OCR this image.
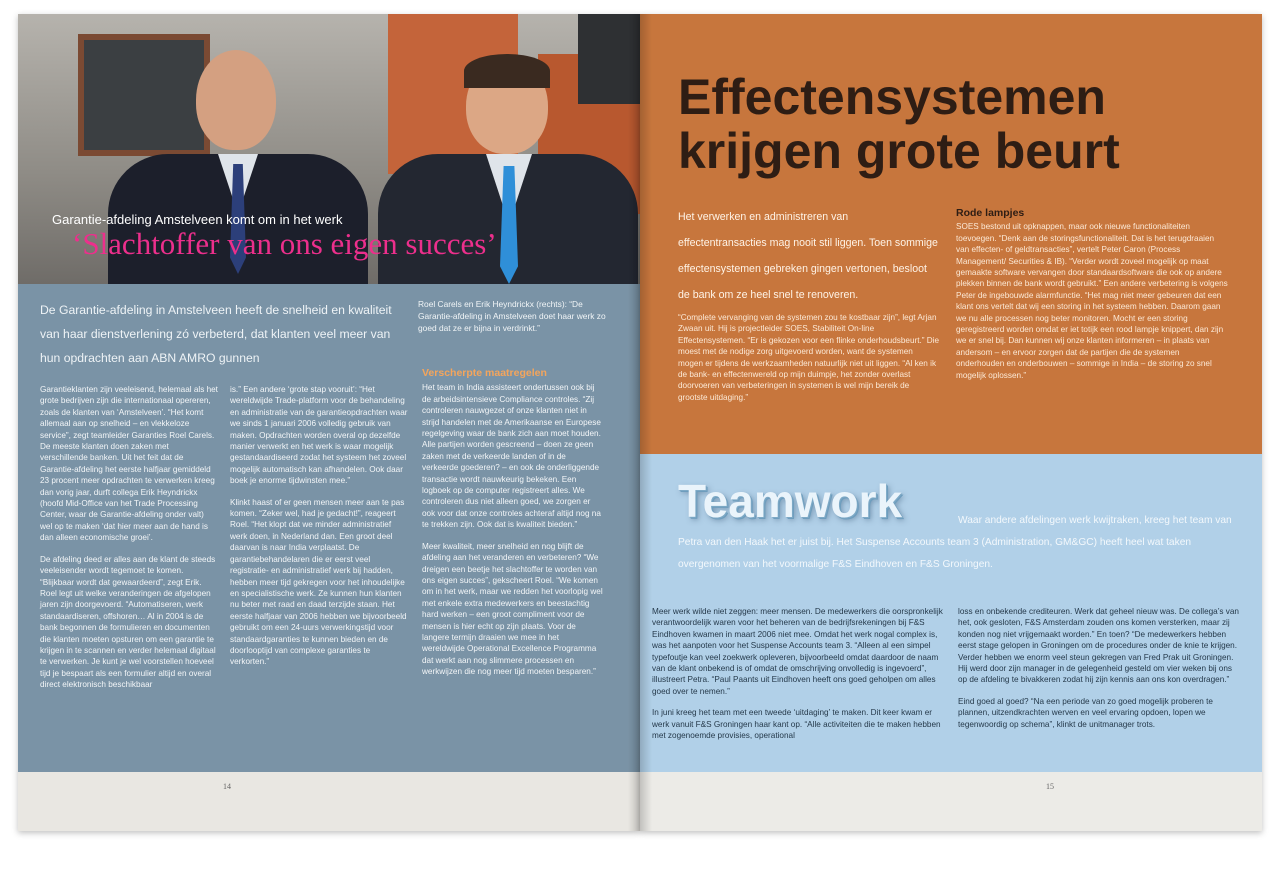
Garantie-afdeling Amstelveen komt om in het werk
‘Slachtoffer van ons eigen succes’
De Garantie-afdeling in Amstelveen heeft de snelheid en kwaliteit van haar dienstverlening zó verbeterd, dat klanten veel meer van hun opdrachten aan ABN AMRO gunnen
Roel Carels en Erik Heyndrickx (rechts): “De Garantie-afdeling in Amstelveen doet haar werk zo goed dat ze er bijna in verdrinkt.”

Garantieklanten zijn veeleisend, helemaal als het grote bedrijven zijn die internationaal opereren, zoals de klanten van ‘Amstelveen’. “Het komt allemaal aan op snelheid – en vlekkeloze service”, zegt teamleider Garanties Roel Carels. De meeste klanten doen zaken met verschillende banken. Uit het feit dat de Garantie-afdeling het eerste halfjaar gemiddeld 23 procent meer opdrachten te verwerken kreeg dan vorig jaar, durft collega Erik Heyndrickx (hoofd Mid-Office van het Trade Processing Center, waar de Garantie-afdeling onder valt) wel op te maken ‘dat hier meer aan de hand is dan alleen economische groei’.

De afdeling deed er alles aan de klant de steeds veeleisender wordt tegemoet te komen. “Blijkbaar wordt dat gewaardeerd”, zegt Erik. Roel legt uit welke veranderingen de afgelopen jaren zijn doorgevoerd. “Automatiseren, werk standaardiseren, offshoren… Al in 2004 is de bank begonnen de formulieren en documenten die klanten moeten opsturen om een garantie te krijgen in te scannen en verder helemaal digitaal te verwerken. Je kunt je wel voorstellen hoeveel tijd je bespaart als een formulier altijd en overal direct elektronisch beschikbaar

is.” Een andere ‘grote stap vooruit’: “Het wereldwijde Trade-platform voor de behandeling en administratie van de garantieopdrachten waar we sinds 1 januari 2006 volledig gebruik van maken. Opdrachten worden overal op dezelfde manier verwerkt en het werk is waar mogelijk gestandaardiseerd zodat het systeem het zoveel mogelijk automatisch kan afhandelen. Ook daar boek je enorme tijdwinsten mee.”

Klinkt haast of er geen mensen meer aan te pas komen. “Zeker wel, had je gedacht!”, reageert Roel. “Het klopt dat we minder administratief werk doen, in Nederland dan. Een groot deel daarvan is naar India verplaatst. De garantiebehandelaren die er eerst veel registratie- en administratief werk bij hadden, hebben meer tijd gekregen voor het inhoudelijke en specialistische werk. Ze kunnen hun klanten nu beter met raad en daad terzijde staan. Het eerste halfjaar van 2006 hebben we bijvoorbeeld gebruikt om een 24-uurs verwerkingstijd voor standaardgaranties te kunnen bieden en de doorlooptijd van complexe garanties te verkorten.”

Verscherpte maatregelen

Het team in India assisteert ondertussen ook bij de arbeidsintensieve Compliance controles. “Zij controleren nauwgezet of onze klanten niet in strijd handelen met de Amerikaanse en Europese regelgeving waar de bank zich aan moet houden. Alle partijen worden gescreend – doen ze geen zaken met de verkeerde landen of in de verkeerde goederen? – en ook de onderliggende transactie wordt nauwkeurig bekeken. Een logboek op de computer registreert alles. We controleren dus niet alleen goed, we zorgen er ook voor dat onze controles achteraf altijd nog na te trekken zijn. Ook dat is kwaliteit bieden.”

Meer kwaliteit, meer snelheid en nog blijft de afdeling aan het veranderen en verbeteren? “We dreigen een beetje het slachtoffer te worden van ons eigen succes”, gekscheert Roel. “We komen om in het werk, maar we redden het voorlopig wel met enkele extra medewerkers en beestachtig hard werken – een groot compliment voor de mensen is hier echt op zijn plaats. Voor de langere termijn draaien we mee in het wereldwijde Operational Excellence Programma dat werkt aan nog slimmere processen en werkwijzen die nog meer tijd moeten besparen.”

14
Effectensystemen krijgen grote beurt
Het verwerken en administreren van effectentransacties mag nooit stil liggen. Toen sommige effectensystemen gebreken gingen vertonen, besloot de bank om ze heel snel te renoveren.
“Complete vervanging van de systemen zou te kostbaar zijn”, legt Arjan Zwaan uit. Hij is projectleider SOES, Stabiliteit On-line Effectensystemen. “Er is gekozen voor een flinke onderhoudsbeurt.” Die moest met de nodige zorg uitgevoerd worden, want de systemen mogen er tijdens de werkzaamheden natuurlijk niet uit liggen. “Al ken ik de bank- en effectenwereld op mijn duimpje, het zonder overlast doorvoeren van verbeteringen in systemen is wel mijn bereik de grootste uitdaging.”
Rode lampjes
SOES bestond uit opknappen, maar ook nieuwe functionaliteiten toevoegen. “Denk aan de storingsfunctionaliteit. Dat is het terugdraaien van effecten- of geldtransacties”, vertelt Peter Caron (Process Management/ Securities & IB). “Verder wordt zoveel mogelijk op maat gemaakte software vervangen door standaardsoftware die ook op andere plekken binnen de bank wordt gebruikt.” Een andere verbetering is volgens Peter de ingebouwde alarmfunctie. “Het mag niet meer gebeuren dat een klant ons vertelt dat wij een storing in het systeem hebben. Daarom gaan we nu alle processen nog beter monitoren. Mocht er een storing geregistreerd worden omdat er iet totijk een rood lampje knippert, dan zijn we er snel bij. Dan kunnen wij onze klanten informeren – in plaats van andersom – en ervoor zorgen dat de partijen die de systemen onderhouden en onderbouwen – sommige in India – de storing zo snel mogelijk oplossen.”
Teamwork	Waar andere afdelingen werk kwijtraken, kreeg het team van Petra van den Haak het er juist bij. Het Suspense Accounts team 3 (Administration, GM&GC) heeft heel wat taken overgenomen van het voormalige F&S Eindhoven en F&S Groningen.

Meer werk wilde niet zeggen: meer mensen. De medewerkers die oorspronkelijk verantwoordelijk waren voor het beheren van de bedrijfsrekeningen bij F&S Eindhoven kwamen in maart 2006 niet mee. Omdat het werk nogal complex is, was het aanpoten voor het Suspense Accounts team 3. “Alleen al een simpel typefoutje kan veel zoekwerk opleveren, bijvoorbeeld omdat daardoor de naam van de klant onbekend is of omdat de omschrijving onvolledig is ingevoerd”, illustreert Petra. “Paul Paants uit Eindhoven heeft ons goed geholpen om alles goed over te nemen.”

In juni kreeg het team met een tweede ‘uitdaging’ te maken. Dit keer kwam er werk vanuit F&S Groningen haar kant op. “Alle activiteiten die te maken hebben met zogenoemde provisies, operational

loss en onbekende crediteuren. Werk dat geheel nieuw was. De collega’s van het, ook gesloten, F&S Amsterdam zouden ons komen versterken, maar zij konden nog niet vrijgemaakt worden.” En toen? “De medewerkers hebben eerst stage gelopen in Groningen om de procedures onder de knie te krijgen. Verder hebben we enorm veel steun gekregen van Fred Prak uit Groningen. Hij werd door zijn manager in de gelegenheid gesteld om vier weken bij ons op de afdeling te bivakkeren zodat hij zijn kennis aan ons kon overdragen.”

Eind goed al goed? “Na een periode van zo goed mogelijk proberen te plannen, uitzendkrachten werven en veel ervaring opdoen, lopen we tegenwoordig op schema”, klinkt de unitmanager trots.

15
